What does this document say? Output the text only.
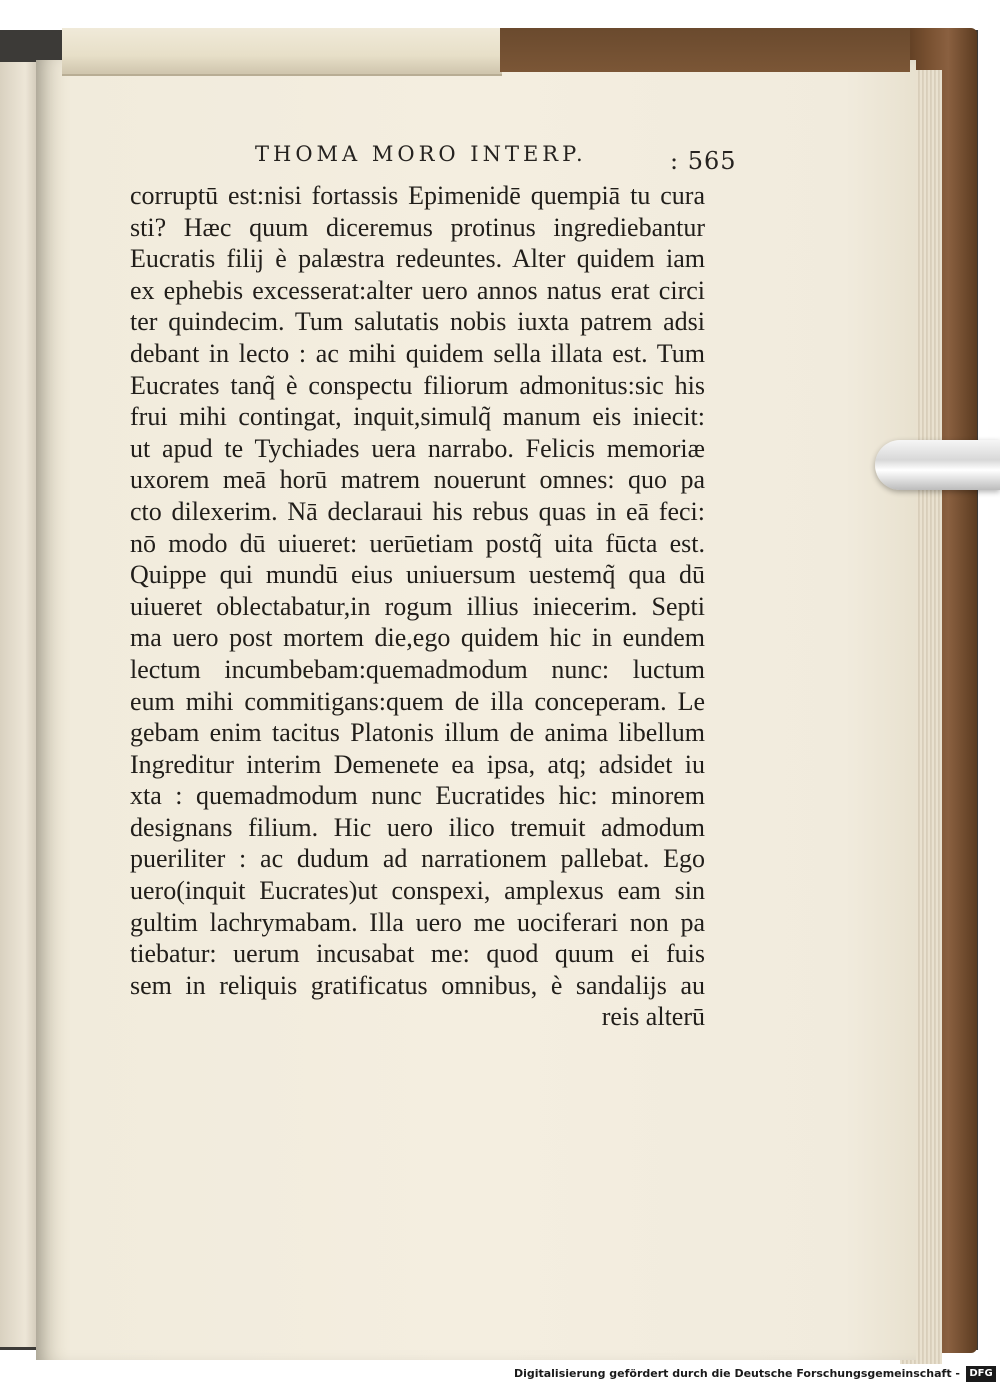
THOMA MORO INTERP.	: 565
corruptū est:nisi fortassis Epimenidē quempiā tu cura
sti? Hæc quum diceremus protinus ingrediebantur
Eucratis filij è palæstra redeuntes. Alter quidem iam
ex ephebis excesserat:alter uero annos natus erat circi
ter quindecim. Tum salutatis nobis iuxta patrem adsi
debant in lecto : ac mihi quidem sella illata est. Tum
Eucrates tanq̃ è conspectu filiorum admonitus:sic his
frui mihi contingat, inquit,simulq̃ manum eis iniecit:
ut apud te Tychiades uera narrabo. Felicis memoriæ
uxorem meā horū matrem nouerunt omnes: quo pa
cto dilexerim. Nā declaraui his rebus quas in eā feci:
nō modo dū uiueret: uerūetiam postq̃ uita fūcta est.
Quippe qui mundū eius uniuersum uestemq̃ qua dū
uiueret oblectabatur,in rogum illius iniecerim. Septi
ma uero post mortem die,ego quidem hic in eundem
lectum incumbebam:quemadmodum nunc: luctum
eum mihi commitigans:quem de illa conceperam. Le
gebam enim tacitus Platonis illum de anima libellum
Ingreditur interim Demenete ea ipsa, atq; adsidet iu
xta : quemadmodum nunc Eucratides hic: minorem
designans filium. Hic uero ilico tremuit admodum
pueriliter : ac dudum ad narrationem pallebat. Ego
uero(inquit Eucrates)ut conspexi, amplexus eam sin
gultim lachrymabam. Illa uero me uociferari non pa
tiebatur: uerum incusabat me: quod quum ei fuis
sem in reliquis gratificatus omnibus, è sandalijs au
reis alterū
Digitalisierung gefördert durch die Deutsche Forschungsgemeinschaft - DFG
